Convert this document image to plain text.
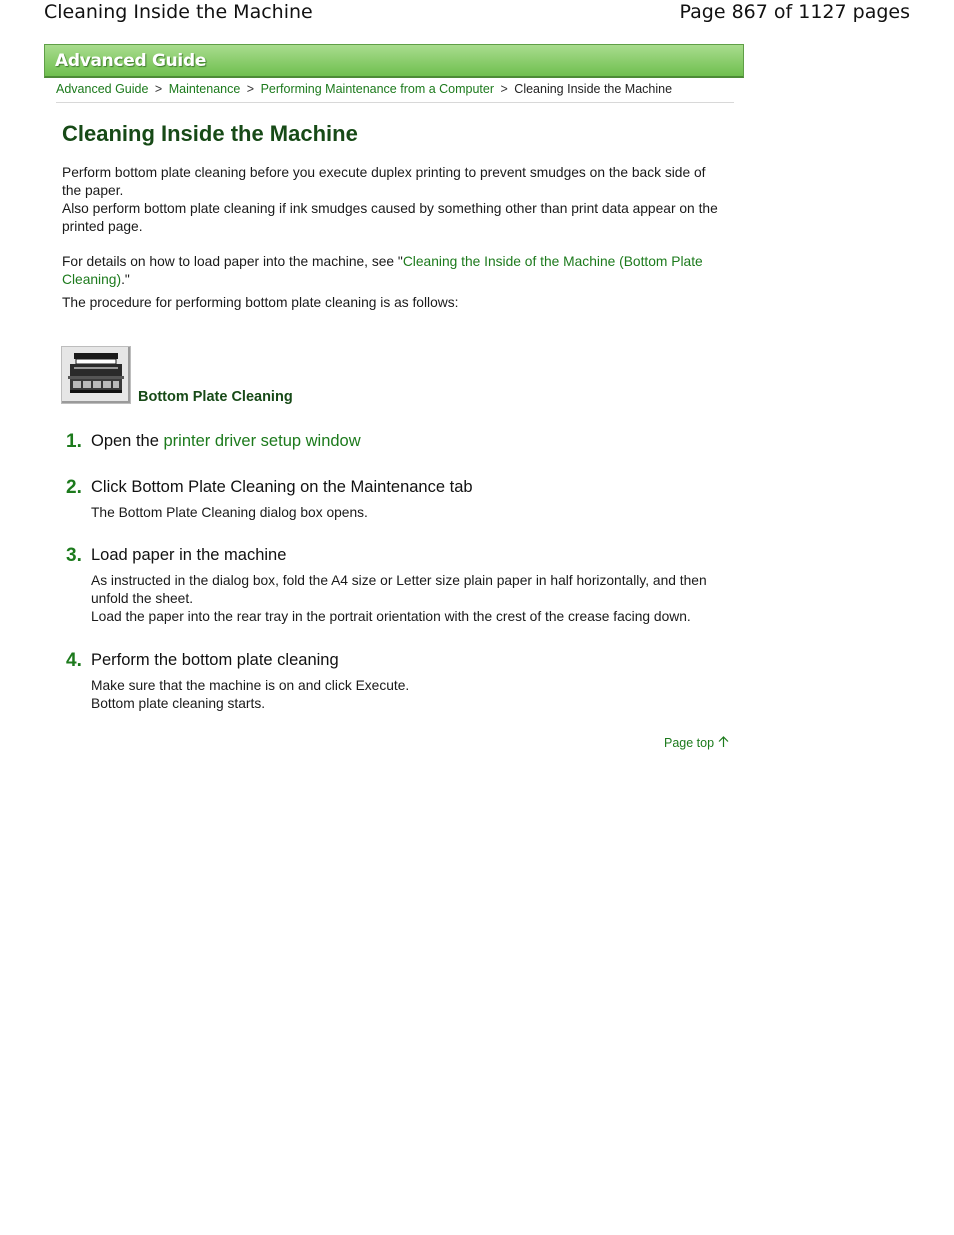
Cleaning Inside the Machine	Page 867 of 1127 pages
Advanced Guide
Advanced Guide > Maintenance > Performing Maintenance from a Computer > Cleaning Inside the Machine
Cleaning Inside the Machine

Perform bottom plate cleaning before you execute duplex printing to prevent smudges on the back side of the paper.

Also perform bottom plate cleaning if ink smudges caused by something other than print data appear on the printed page.

For details on how to load paper into the machine, see "Cleaning the Inside of the Machine (Bottom Plate Cleaning)."

The procedure for performing bottom plate cleaning is as follows:

Bottom Plate Cleaning
1. Open the printer driver setup window
2. Click Bottom Plate Cleaning on the Maintenance tab

The Bottom Plate Cleaning dialog box opens.

3. Load paper in the machine

As instructed in the dialog box, fold the A4 size or Letter size plain paper in half horizontally, and then unfold the sheet.

Load the paper into the rear tray in the portrait orientation with the crest of the crease facing down.

4. Perform the bottom plate cleaning

Make sure that the machine is on and click Execute.

Bottom plate cleaning starts.

Page top
